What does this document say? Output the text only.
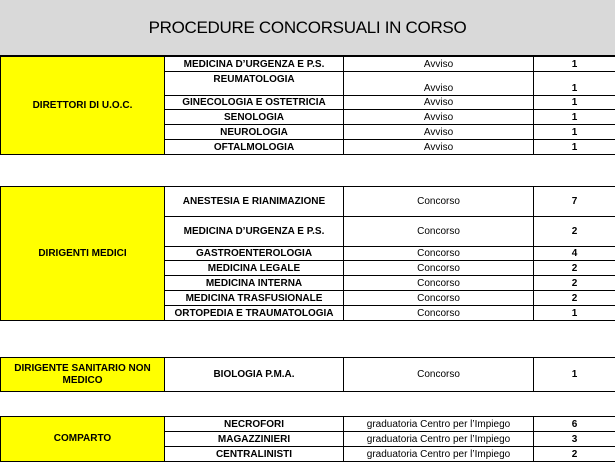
PROCEDURE CONCORSUALI IN CORSO
DIRETTORI DI U.O.C.	MEDICINA D’URGENZA E P.S.	Avviso	1
	REUMATOLOGIA	Avviso	1
	GINECOLOGIA E OSTETRICIA	Avviso	1
	SENOLOGIA	Avviso	1
	NEUROLOGIA	Avviso	1
	OFTALMOLOGIA	Avviso	1
DIRIGENTI MEDICI	ANESTESIA E RIANIMAZIONE	Concorso	7
	MEDICINA D’URGENZA E P.S.	Concorso	2
	GASTROENTEROLOGIA	Concorso	4
	MEDICINA LEGALE	Concorso	2
	MEDICINA INTERNA	Concorso	2
	MEDICINA TRASFUSIONALE	Concorso	2
	ORTOPEDIA E TRAUMATOLOGIA	Concorso	1
DIRIGENTE SANITARIO NON MEDICO	BIOLOGIA P.M.A.	Concorso	1
COMPARTO	NECROFORI	graduatoria Centro per l’Impiego	6
	MAGAZZINIERI	graduatoria Centro per l’Impiego	3
	CENTRALINISTI	graduatoria Centro per l’Impiego	2
